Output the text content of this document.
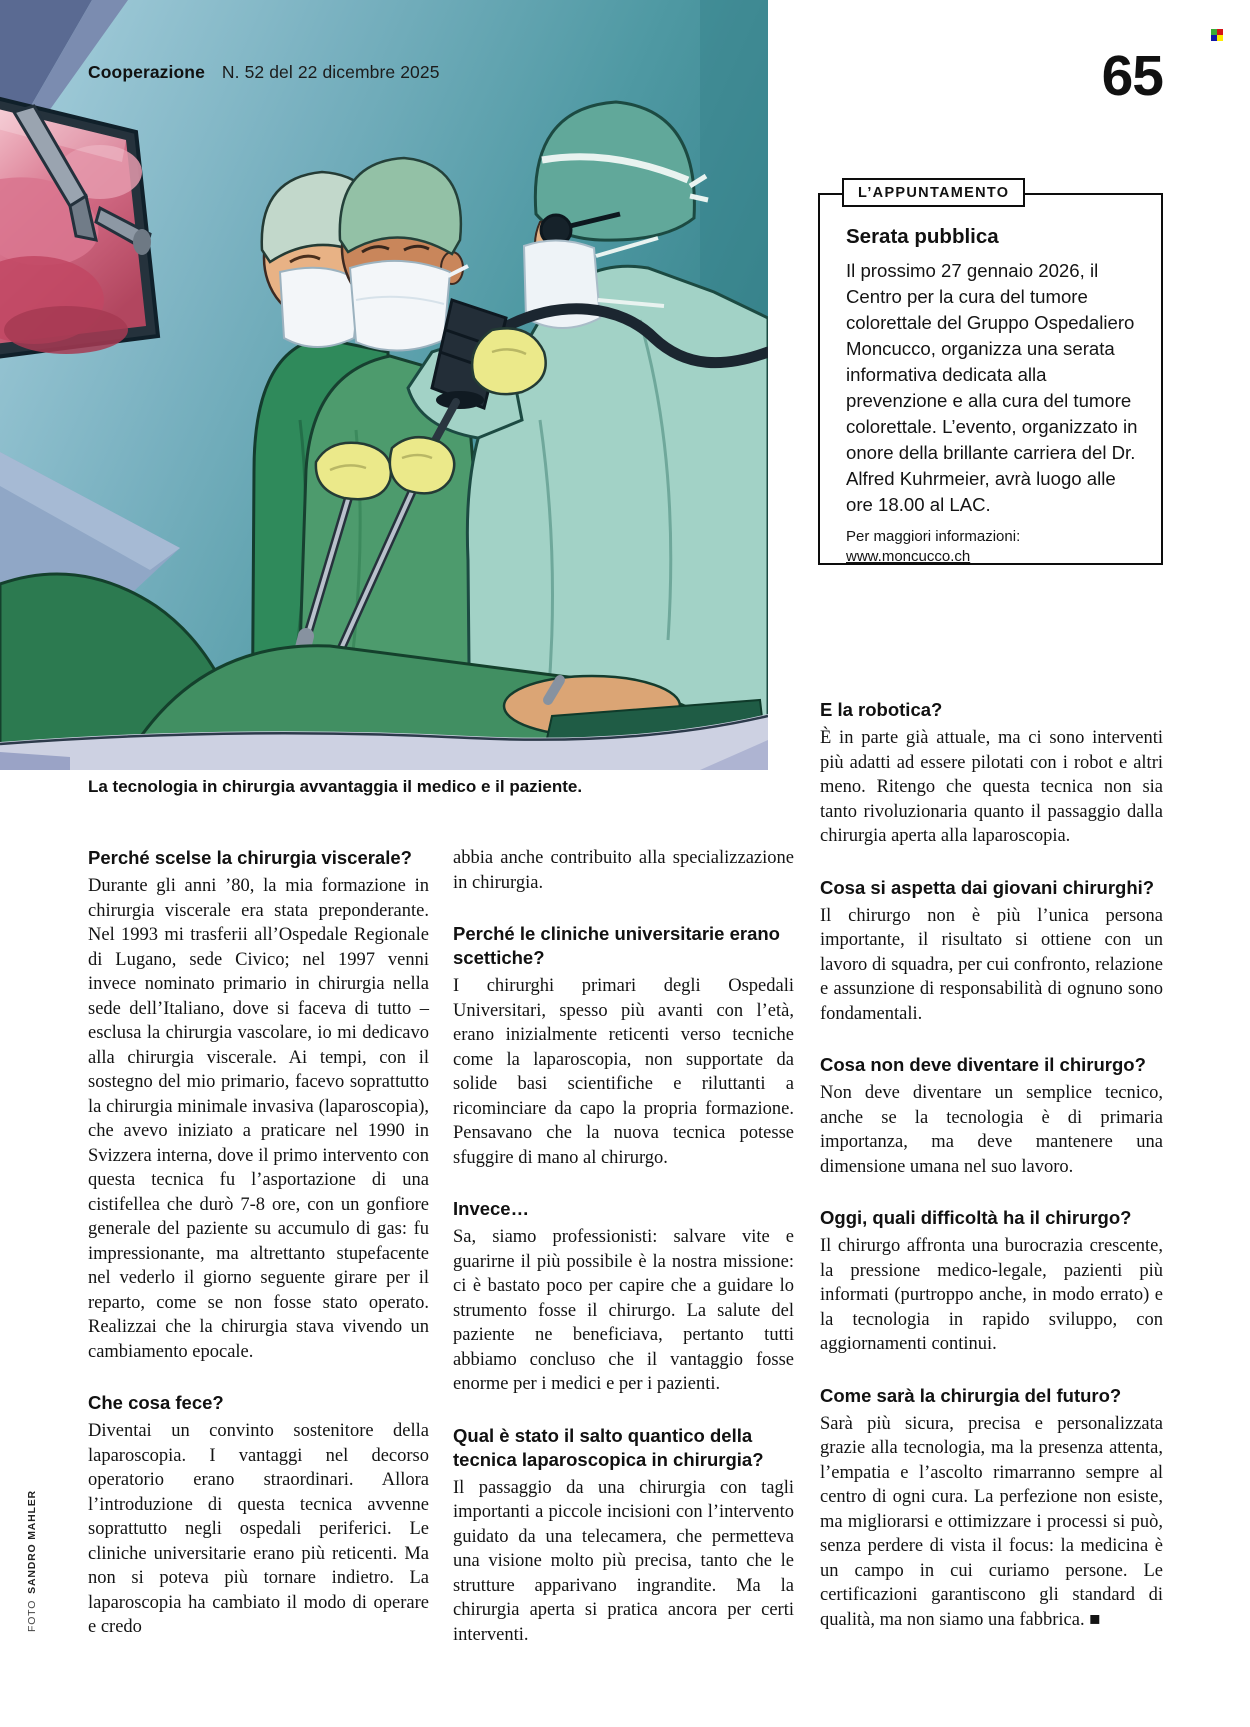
Cooperazione N. 52 del 22 dicembre 2025	65
L’APPUNTAMENTO

Serata pubblica

Il prossimo 27 gennaio 2026, il Centro per la cura del tumore colorettale del Gruppo Ospedaliero Moncucco, organizza una serata informativa dedicata alla prevenzione e alla cura del tumore colorettale. L’evento, organizzato in onore della brillante carriera del Dr. Alfred Kuhrmeier, avrà luogo alle ore 18.00 al LAC.

Per maggiori informazioni:

www.moncucco.ch
La tecnologia in chirurgia avvantaggia il medico e il paziente.

Perché scelse la chirurgia viscerale?

Durante gli anni ’80, la mia formazione in chirurgia viscerale era stata preponderante. Nel 1993 mi trasferii all’Ospedale Regionale di Lugano, sede Civico; nel 1997 venni invece nominato primario in chirurgia nella sede dell’Italiano, dove si faceva di tutto – esclusa la chirurgia vascolare, io mi dedicavo alla chirurgia viscerale. Ai tempi, con il sostegno del mio primario, facevo soprattutto la chirurgia minimale invasiva (laparoscopia), che avevo iniziato a praticare nel 1990 in Svizzera interna, dove il primo intervento con questa tecnica fu l’asportazione di una cistifellea che durò 7-8 ore, con un gonfiore generale del paziente su accumulo di gas: fu impressionante, ma altrettanto stupefacente nel vederlo il giorno seguente girare per il reparto, come se non fosse stato operato. Realizzai che la chirurgia stava vivendo un cambiamento epocale.

Che cosa fece?

Diventai un convinto sostenitore della laparoscopia. I vantaggi nel decorso operatorio erano straordinari. Allora l’introduzione di questa tecnica avvenne soprattutto negli ospedali periferici. Le cliniche universitarie erano più reticenti. Ma non si poteva più tornare indietro. La laparoscopia ha cambiato il modo di operare e credo

abbia anche contribuito alla specializzazione in chirurgia.

Perché le cliniche universitarie erano scettiche?

I chirurghi primari degli Ospedali Universitari, spesso più avanti con l’età, erano inizialmente reticenti verso tecniche come la laparoscopia, non supportate da solide basi scientifiche e riluttanti a ricominciare da capo la propria formazione. Pensavano che la nuova tecnica potesse sfuggire di mano al chirurgo.

Invece…

Sa, siamo professionisti: salvare vite e guarirne il più possibile è la nostra missione: ci è bastato poco per capire che a guidare lo strumento fosse il chirurgo. La salute del paziente ne beneficiava, pertanto tutti abbiamo concluso che il vantaggio fosse enorme per i medici e per i pazienti.

Qual è stato il salto quantico della tecnica laparoscopica in chirurgia?

Il passaggio da una chirurgia con tagli importanti a piccole incisioni con l’intervento guidato da una telecamera, che permetteva una visione molto più precisa, tanto che le strutture apparivano ingrandite. Ma la chirurgia aperta si pratica ancora per certi interventi.

E la robotica?

È in parte già attuale, ma ci sono interventi più adatti ad essere pilotati con i robot e altri meno. Ritengo che questa tecnica non sia tanto rivoluzionaria quanto il passaggio dalla chirurgia aperta alla laparoscopia.

Cosa si aspetta dai giovani chirurghi?

Il chirurgo non è più l’unica persona importante, il risultato si ottiene con un lavoro di squadra, per cui confronto, relazione e assunzione di responsabilità di ognuno sono fondamentali.

Cosa non deve diventare il chirurgo?

Non deve diventare un semplice tecnico, anche se la tecnologia è di primaria importanza, ma deve mantenere una dimensione umana nel suo lavoro.

Oggi, quali difficoltà ha il chirurgo?

Il chirurgo affronta una burocrazia crescente, la pressione medico-legale, pazienti più informati (purtroppo anche, in modo errato) e la tecnologia in rapido sviluppo, con aggiornamenti continui.

Come sarà la chirurgia del futuro?

Sarà più sicura, precisa e personalizzata grazie alla tecnologia, ma la presenza attenta, l’empatia e l’ascolto rimarranno sempre al centro di ogni cura. La perfezione non esiste, ma migliorarsi e ottimizzare i processi si può, senza perdere di vista il focus: la medicina è un campo in cui curiamo persone. Le certificazioni garantiscono gli standard di qualità, ma non siamo una fabbrica. ■

FOTOSANDRO MAHLER
